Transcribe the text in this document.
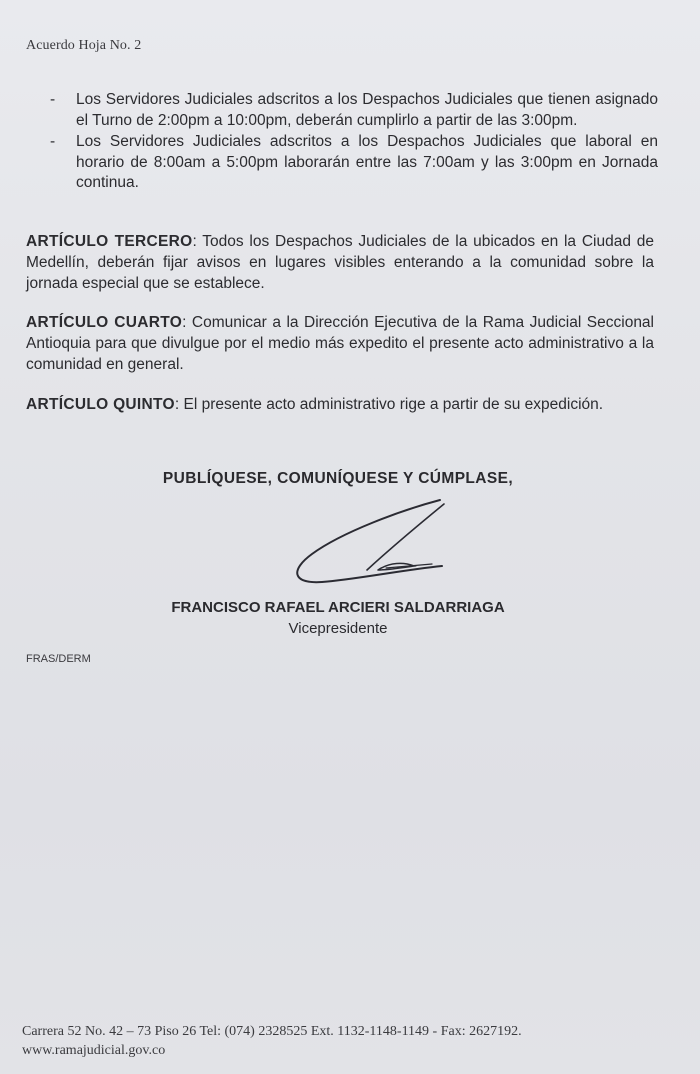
Acuerdo Hoja No. 2
- Los Servidores Judiciales adscritos a los Despachos Judiciales que tienen asignado el Turno de 2:00pm a 10:00pm, deberán cumplirlo a partir de las 3:00pm.
- Los Servidores Judiciales adscritos a los Despachos Judiciales que laboral en horario de 8:00am a 5:00pm laborarán entre las 7:00am y las 3:00pm en Jornada continua.

ARTÍCULO TERCERO: Todos los Despachos Judiciales de la ubicados en la Ciudad de Medellín, deberán fijar avisos en lugares visibles enterando a la comunidad sobre la jornada especial que se establece.

ARTÍCULO CUARTO: Comunicar a la Dirección Ejecutiva de la Rama Judicial Seccional Antioquia para que divulgue por el medio más expedito el presente acto administrativo a la comunidad en general.

ARTÍCULO QUINTO: El presente acto administrativo rige a partir de su expedición.

PUBLÍQUESE, COMUNÍQUESE Y CÚMPLASE,
FRANCISCO RAFAEL ARCIERI SALDARRIAGA
Vicepresidente
FRAS/DERM
Carrera 52 No. 42 – 73 Piso 26 Tel: (074) 2328525 Ext. 1132-1148-1149 - Fax: 2627192.
www.ramajudicial.gov.co
